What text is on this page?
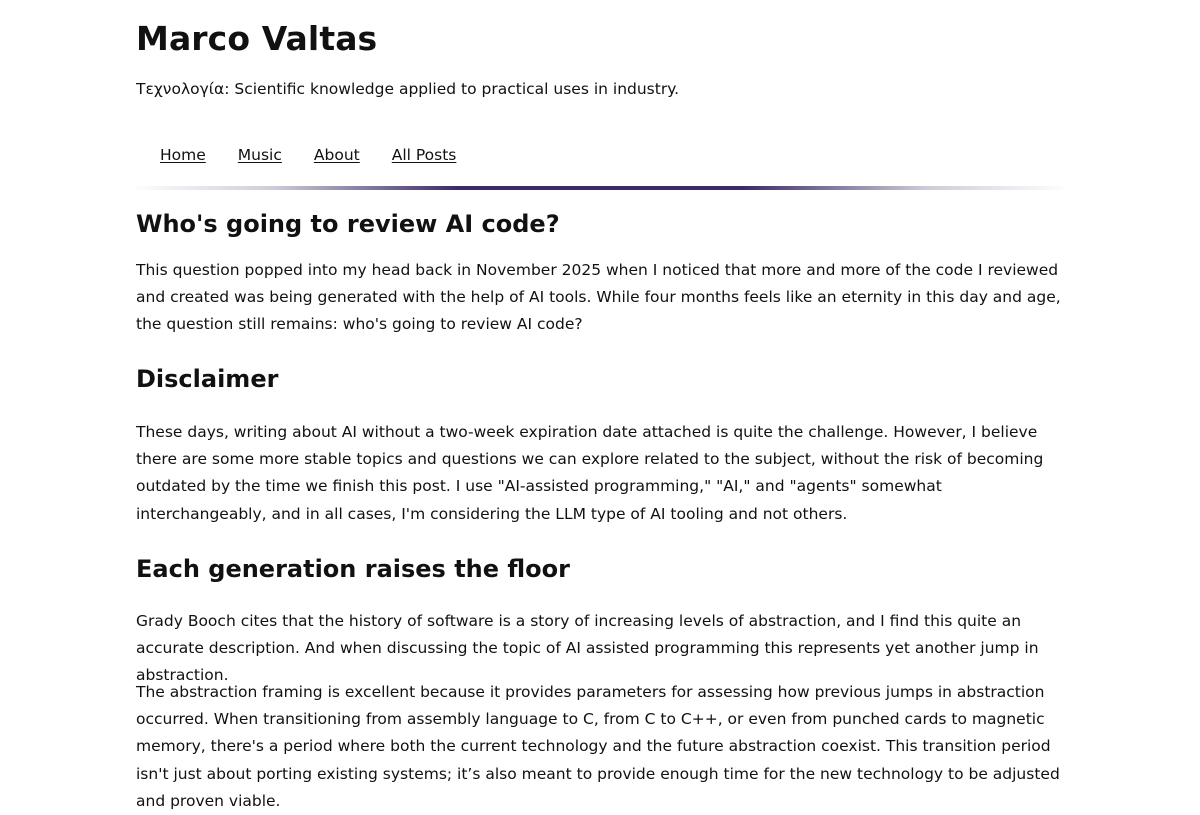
Marco Valtas

Τεχνολογία: Scientific knowledge applied to practical uses in industry.

Home Music About All Posts
Who's going to review AI code?

This question popped into my head back in November 2025 when I noticed that more and more of the code I reviewed and created was being generated with the help of AI tools. While four months feels like an eternity in this day and age, the question still remains: who's going to review AI code?

Disclaimer

These days, writing about AI without a two-week expiration date attached is quite the challenge. However, I believe there are some more stable topics and questions we can explore related to the subject, without the risk of becoming outdated by the time we finish this post. I use "AI-assisted programming," "AI," and "agents" somewhat interchangeably, and in all cases, I'm considering the LLM type of AI tooling and not others.

Each generation raises the floor

Grady Booch cites that the history of software is a story of increasing levels of abstraction, and I find this quite an accurate description. And when discussing the topic of AI assisted programming this represents yet another jump in abstraction.

The abstraction framing is excellent because it provides parameters for assessing how previous jumps in abstraction occurred. When transitioning from assembly language to C, from C to C++, or even from punched cards to magnetic memory, there's a period where both the current technology and the future abstraction coexist. This transition period isn't just about porting existing systems; it’s also meant to provide enough time for the new technology to be adjusted and proven viable.
